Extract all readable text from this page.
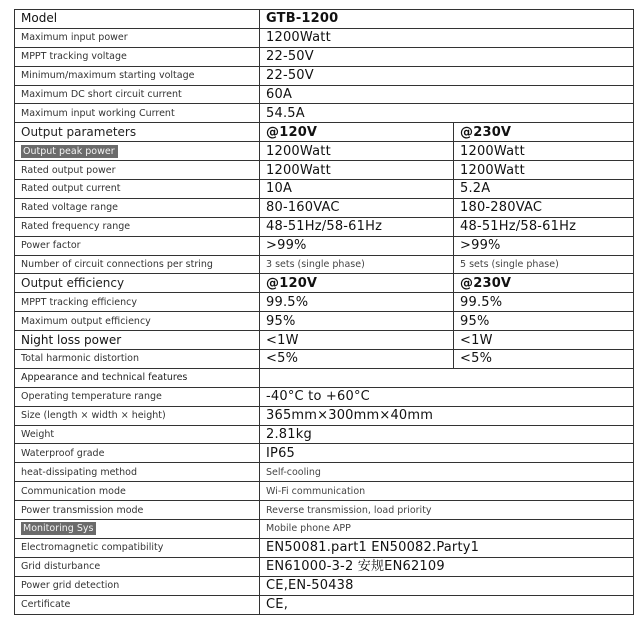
Model	GTB-1200	
Maximum input power	1200Watt	
MPPT tracking voltage	22-50V	
Minimum/maximum starting voltage	22-50V	
Maximum DC short circuit current	60A	
Maximum input working Current	54.5A	
Output parameters	@120V	@230V
Output peak power	1200Watt	1200Watt
Rated output power	1200Watt	1200Watt
Rated output current	10A	5.2A
Rated voltage range	80-160VAC	180-280VAC
Rated frequency range	48-51Hz/58-61Hz	48-51Hz/58-61Hz
Power factor	>99%	>99%
Number of circuit connections per string	3 sets (single phase)	5 sets (single phase)
Output efficiency	@120V	@230V
MPPT tracking efficiency	99.5%	99.5%
Maximum output efficiency	95%	95%
Night loss power	<1W	<1W
Total harmonic distortion	<5%	<5%
Appearance and technical features		
Operating temperature range	-40°C to +60°C	
Size (length × width × height)	365mm×300mm×40mm	
Weight	2.81kg	
Waterproof grade	IP65	
heat-dissipating method	Self-cooling	
Communication mode	Wi-Fi communication	
Power transmission mode	Reverse transmission, load priority	
Monitoring Sys	Mobile phone APP	
Electromagnetic compatibility	EN50081.part1 EN50082.Party1	
Grid disturbance	EN61000-3-2 安规EN62109	
Power grid detection	CE,EN-50438	
Certificate	CE,	
